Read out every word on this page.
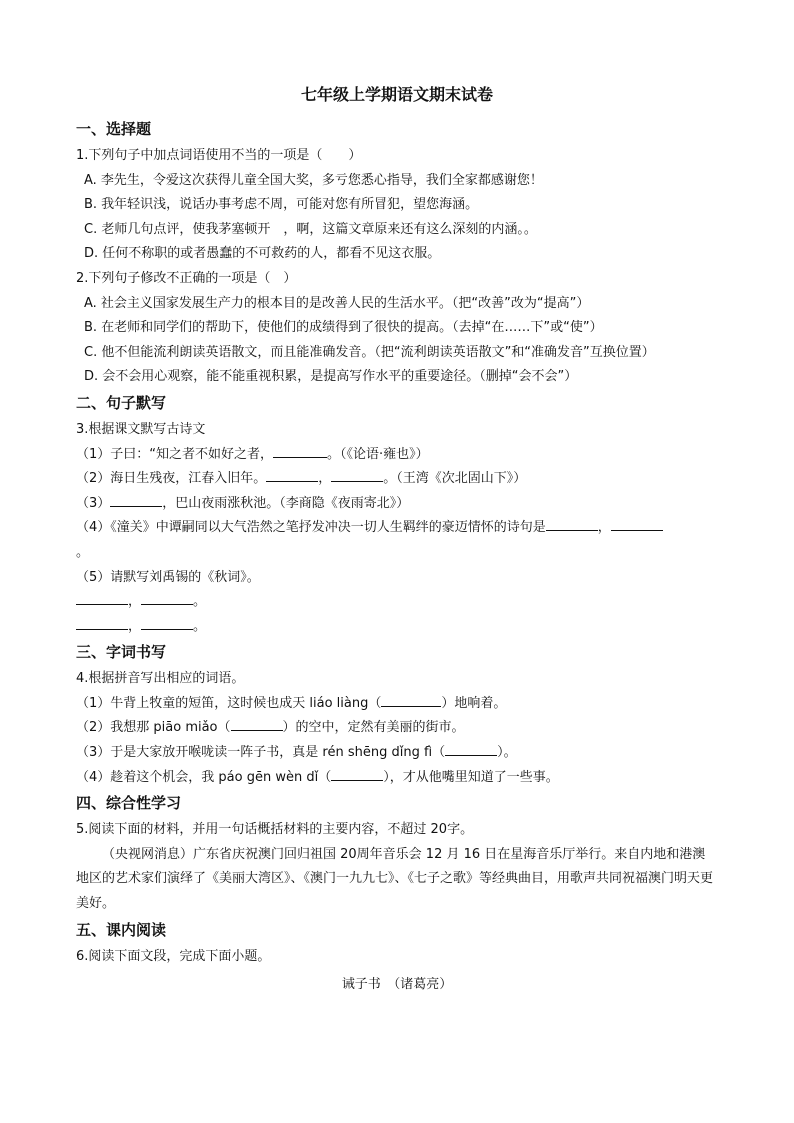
七年级上学期语文期末试卷
一、选择题
1.下列句子中加点词语使用不当的一项是（　　）
A. 李先生，令爱这次获得儿童全国大奖，多亏您悉心指导，我们全家都感谢您！
B. 我年轻识浅，说话办事考虑不周，可能对您有所冒犯，望您海涵。
C. 老师几句点评，使我茅塞顿开　，啊，这篇文章原来还有这么深刻的内涵。。
D. 任何不称职的或者愚蠢的不可救药的人，都看不见这衣服。
2.下列句子修改不正确的一项是（　）
A. 社会主义国家发展生产力的根本目的是改善人民的生活水平。（把“改善”改为“提高”）
B. 在老师和同学们的帮助下，使他们的成绩得到了很快的提高。（去掉“在……下”或“使”）
C. 他不但能流利朗读英语散文，而且能准确发音。（把“流利朗读英语散文”和“准确发音”互换位置）
D. 会不会用心观察，能不能重视积累，是提高写作水平的重要途径。（删掉“会不会”）
二、句子默写
3.根据课文默写古诗文
（1）子曰：“知之者不如好之者，	。（《论语·雍也》）
（2）海日生残夜，江春入旧年。	，	。（王湾《次北固山下》）
（3）	，巴山夜雨涨秋池。（李商隐《夜雨寄北》）
（4）《潼关》中谭嗣同以大气浩然之笔抒发冲决一切人生羁绊的豪迈情怀的诗句是	，
。
（5）请默写刘禹锡的《秋词》。
，	。
，	。
三、字词书写
4.根据拼音写出相应的词语。
（1）牛背上牧童的短笛，这时候也成天 liáo liàng（	）地响着。
（2）我想那 piāo miǎo（	）的空中，定然有美丽的街市。
（3）于是大家放开喉咙读一阵子书，真是 rén shēng dǐng fì（	）。
（4）趁着这个机会，我 páo gēn wèn dǐ（	），才从他嘴里知道了一些事。
四、综合性学习
5.阅读下面的材料，并用一句话概括材料的主要内容，不超过 20字。
（央视网消息）广东省庆祝澳门回归祖国 20周年音乐会 12 月 16 日在星海音乐厅举行。来自内地和港澳地区的艺术家们演绎了《美丽大湾区》、《澳门一九九七》、《七子之歌》等经典曲目，用歌声共同祝福澳门明天更美好。
五、课内阅读
6.阅读下面文段，完成下面小题。
诫子书　（诸葛亮）
